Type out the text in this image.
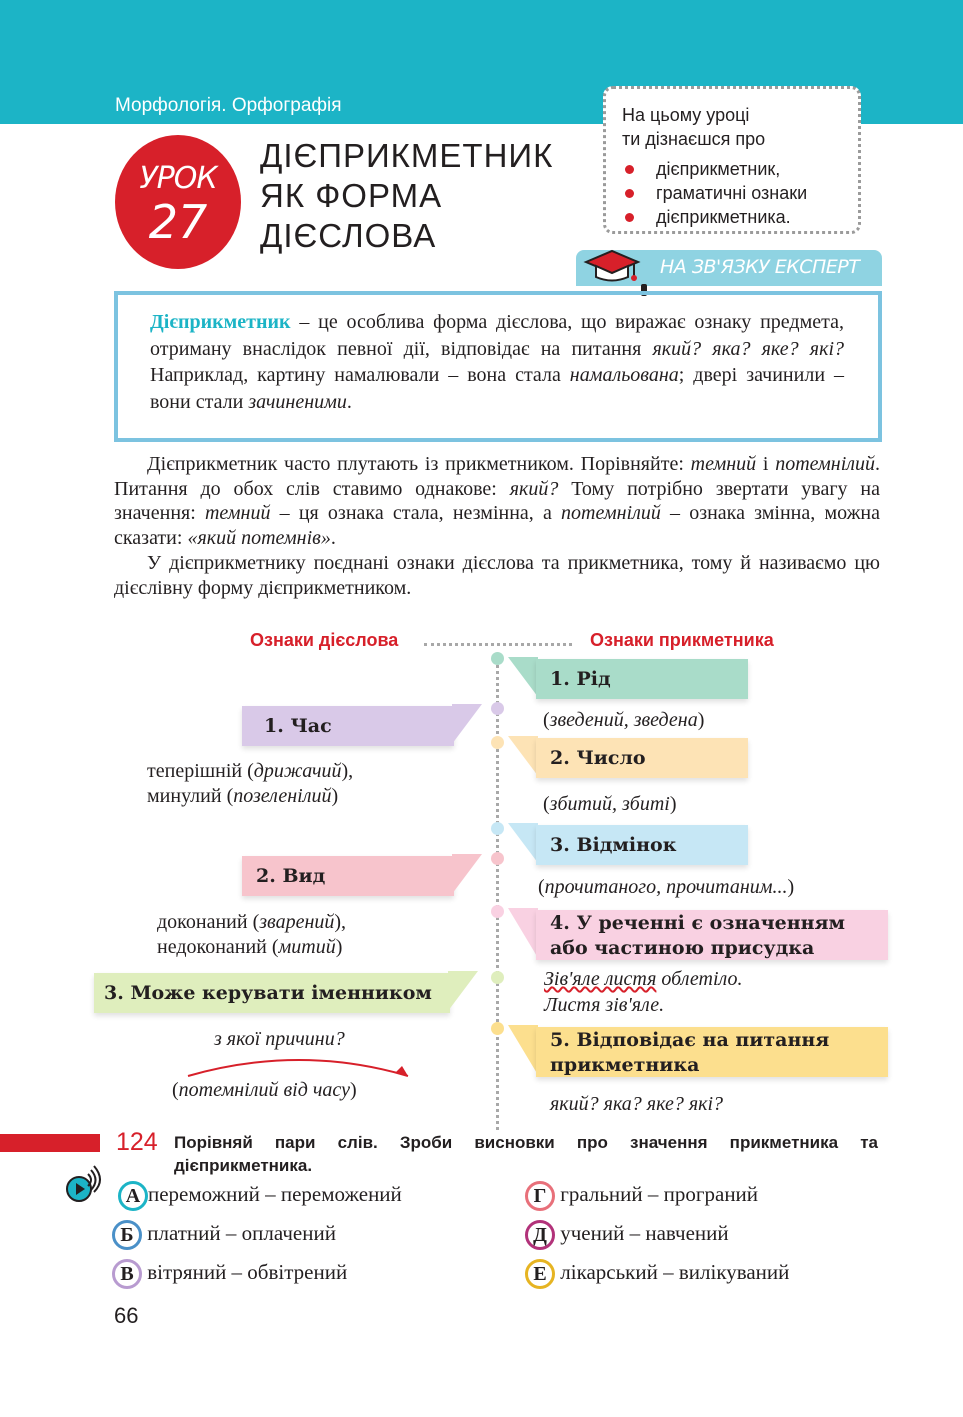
Морфологія. Орфографія
УРОК
27
ДІЄПРИКМЕТНИК
ЯК ФОРМА
ДІЄСЛОВА
На цьому уроці
ти дізнаєшся про
дієприкметник,
граматичні ознаки
дієприкметника.
НА ЗВ'ЯЗКУ ЕКСПЕРТ
Дієприкметник – це особлива форма дієслова, що виражає ознаку предмета, отриману внаслідок певної дії, відповідає на питання який? яка? яке? які? Наприклад, картину намалювали – вона стала намальована; двері зачинили – вони стали зачиненими.

Дієприкметник часто плутають із прикметником. Порівняйте: темний і потемнілий. Питання до обох слів ставимо однакове: який? Тому потрібно звертати увагу на значення: темний – ця ознака стала, незмінна, а потемнілий – ознака змінна, можна сказати: «який потемнів».

У дієприкметнику поєднані ознаки дієслова та прикметника, тому й називаємо цю дієслівну форму дієприкметником.

Ознаки дієслова	Ознаки прикметника
1. Час
теперішній (дрижачий),
минулий (позеленілий)
2. Вид
доконаний (зварений),
недоконаний (митий)
3. Може керувати іменником
з якої причини?
(потемнілий від часу)
1. Рід
(зведений, зведена)
2. Число
(збитий, збиті)
3. Відмінок
(прочитаного, прочитаним...)
4. У реченні є означенням
або частиною присудка
Зів'яле листя облетіло.
Листя зів'яле.
5. Відповідає на питання
прикметника
який? яка? яке? які?
124 Порівняй пари слів. Зроби висновки про значення прикметника та дієприкметника.
А переможний – переможений
Б платний – оплачений
В вітряний – обвітрений
Г гральний – програний
Д учений – навчений
Е лікарський – вилікуваний
66
